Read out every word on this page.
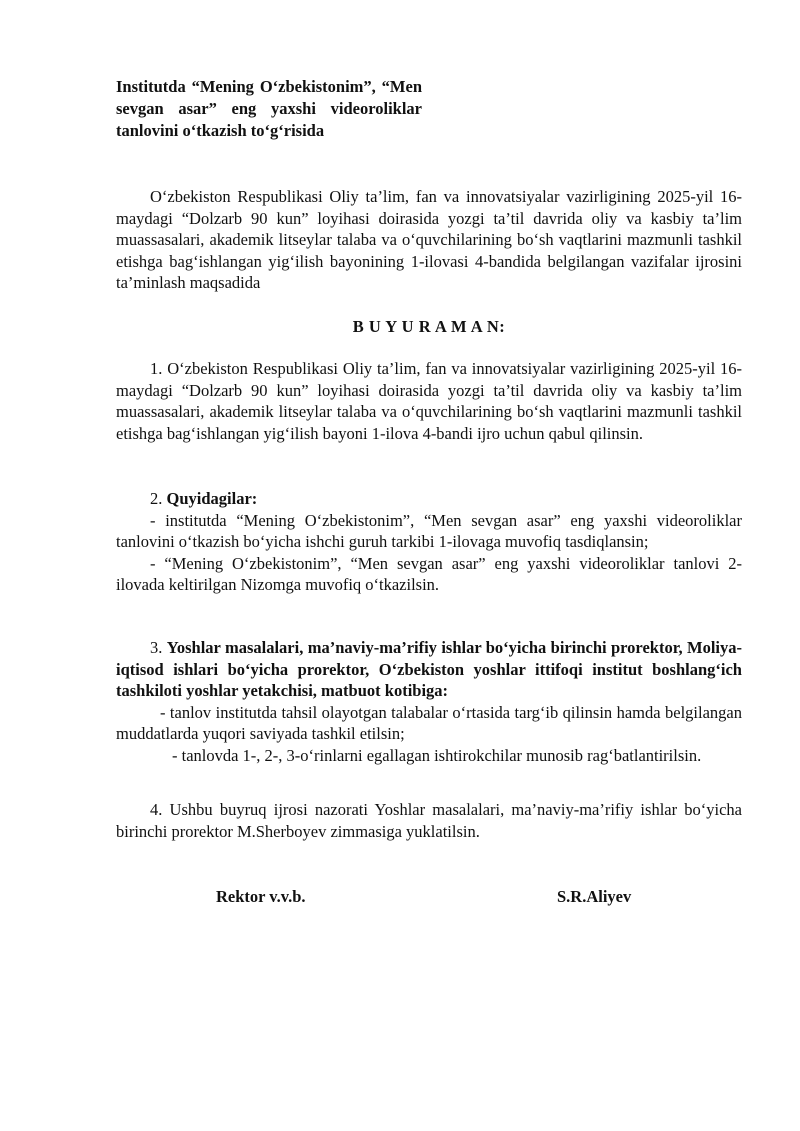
Institutda “Mening O‘zbekistonim”, “Men sevgan asar” eng yaxshi videoroliklar tanlovini o‘tkazish to‘g‘risida
O‘zbekiston Respublikasi Oliy ta’lim, fan va innovatsiyalar vazirligining 2025-yil 16-maydagi “Dolzarb 90 kun” loyihasi doirasida yozgi ta’til davrida oliy va kasbiy ta’lim muassasalari, akademik litseylar talaba va o‘quvchilarining bo‘sh vaqtlarini mazmunli tashkil etishga bag‘ishlangan yig‘ilish bayonining 1-ilovasi 4-bandida belgilangan vazifalar ijrosini ta’minlash maqsadida
B U Y U R A M A N:
1. O‘zbekiston Respublikasi Oliy ta’lim, fan va innovatsiyalar vazirligining 2025-yil 16-maydagi “Dolzarb 90 kun” loyihasi doirasida yozgi ta’til davrida oliy va kasbiy ta’lim muassasalari, akademik litseylar talaba va o‘quvchilarining bo‘sh vaqtlarini mazmunli tashkil etishga bag‘ishlangan yig‘ilish bayoni 1-ilova 4-bandi ijro uchun qabul qilinsin.

2. Quyidagilar:

- institutda “Mening O‘zbekistonim”, “Men sevgan asar” eng yaxshi videoroliklar tanlovini o‘tkazish bo‘yicha ishchi guruh tarkibi 1-ilovaga muvofiq tasdiqlansin;

- “Mening O‘zbekistonim”, “Men sevgan asar” eng yaxshi videoroliklar tanlovi 2-ilovada keltirilgan Nizomga muvofiq o‘tkazilsin.

3. Yoshlar masalalari, ma’naviy-ma’rifiy ishlar bo‘yicha birinchi prorektor, Moliya-iqtisod ishlari bo‘yicha prorektor, O‘zbekiston yoshlar ittifoqi institut boshlang‘ich tashkiloti yoshlar yetakchisi, matbuot kotibiga:

- tanlov institutda tahsil olayotgan talabalar o‘rtasida targ‘ib qilinsin hamda belgilangan muddatlarda yuqori saviyada tashkil etilsin;

- tanlovda 1-, 2-, 3-o‘rinlarni egallagan ishtirokchilar munosib rag‘batlantirilsin.

4. Ushbu buyruq ijrosi nazorati Yoshlar masalalari, ma’naviy-ma’rifiy ishlar bo‘yicha birinchi prorektor M.Sherboyev zimmasiga yuklatilsin.
Rektor v.v.b.	S.R.Aliyev
